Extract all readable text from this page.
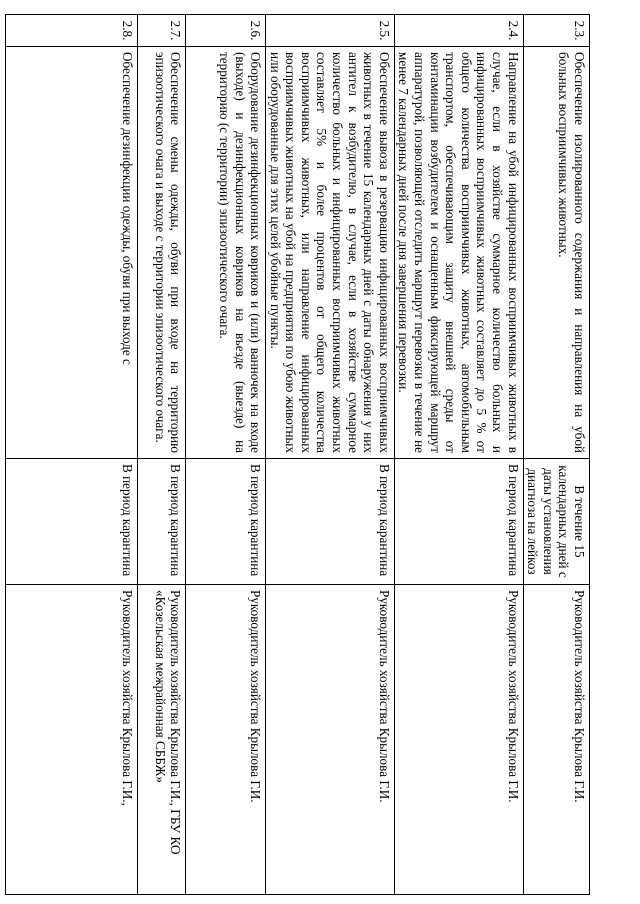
2.3.	Обеспечение изолированного содержания и направления на убой больных восприимчивых животных.	В течение 15 календарных дней с даты установления диагноза на лейкоз	Руководитель хозяйства Крылова Г.И.
2.4.	Направление на убой инфицированных восприимчивых животных в случае, если в хозяйстве суммарное количество больных и инфицированных восприимчивых животных составляет до 5 % от общего количества восприимчивых животных, автомобильным транспортом, обеспечивающим защиту внешней среды от контаминации возбудителем и оснащенным фиксирующей маршрут аппаратурой, позволяющей отследить маршрут перевозки в течение не менее 7 календарных дней после дня завершения перевозки.	В период карантина	Руководитель хозяйства Крылова Г.И.
2.5.	Обеспечение вывоза в резервацию инфицированных восприимчивых животных в течение 15 календарных дней с даты обнаружения у них антител к возбудителю, в случае, если в хозяйстве суммарное количество больных и инфицированных восприимчивых животных составляет 5% и более процентов от общего количества восприимчивых животных, или направление инфицированных восприимчивых животных на убой на предприятия по убою животных или оборудованные для этих целей убойные пункты.	В период карантина	Руководитель хозяйства Крылова Г.И.
2.6.	Оборудование дезинфекционных ковриков и (или) ванночек на входе (выходе) и дезинфекционных ковриков на въезде (выезде) на территорию (с территории) эпизоотического очага.	В период карантина	Руководитель хозяйства Крылова Г.И.
2.7.	Обеспечение смены одежды, обуви при входе на территорию эпизоотического очага и выходе с территории эпизоотического очага.	В период карантина	Руководитель хозяйства Крылова Г.И., ГБУ КО «Козельская межрайонная СББЖ»
2.8.	Обеспечение дезинфекции одежды, обуви при выходе с	В период карантина	Руководитель хозяйства Крылова Г.И.,
